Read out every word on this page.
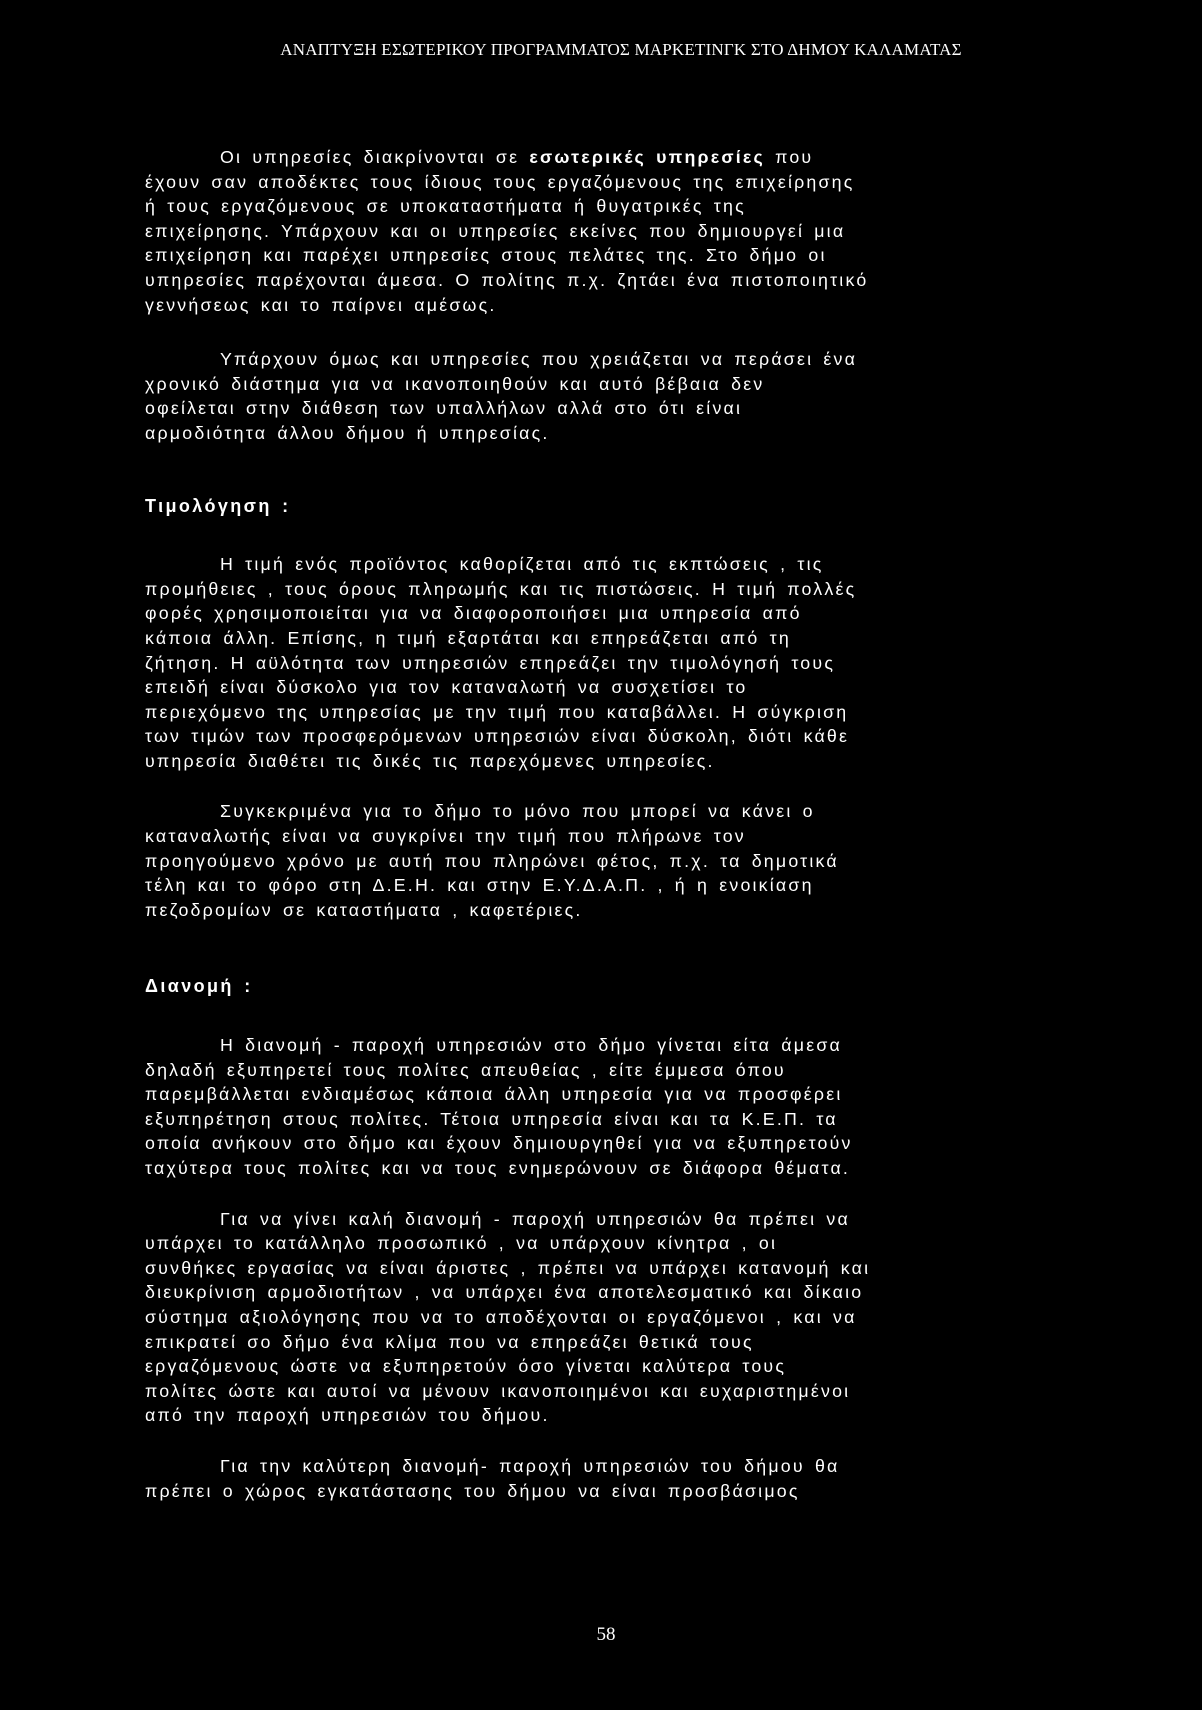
ΑΝΑΠΤΥΞΗ ΕΣΩΤΕΡΙΚΟΥ ΠΡΟΓΡΑΜΜΑΤΟΣ ΜΑΡΚΕΤΙΝΓΚ ΣΤΟ ΔΗΜΟΥ ΚΑΛΑΜΑΤΑΣ

Οι υπηρεσίες διακρίνονται σε εσωτερικές υπηρεσίες που
έχουν σαν αποδέκτες τους ίδιους τους εργαζόμενους της επιχείρησης
ή τους εργαζόμενους σε υποκαταστήματα ή θυγατρικές της
επιχείρησης. Υπάρχουν και οι υπηρεσίες εκείνες που δημιουργεί μια
επιχείρηση και παρέχει υπηρεσίες στους πελάτες της. Στο δήμο οι
υπηρεσίες παρέχονται άμεσα. Ο πολίτης π.χ. ζητάει ένα πιστοποιητικό
γεννήσεως και το παίρνει αμέσως.

Υπάρχουν όμως και υπηρεσίες που χρειάζεται να περάσει ένα
χρονικό διάστημα για να ικανοποιηθούν και αυτό βέβαια δεν
οφείλεται στην διάθεση των υπαλλήλων αλλά στο ότι είναι
αρμοδιότητα άλλου δήμου ή υπηρεσίας.

Τιμολόγηση :

Η τιμή ενός προϊόντος καθορίζεται από τις εκπτώσεις , τις
προμήθειες , τους όρους πληρωμής και τις πιστώσεις. Η τιμή πολλές
φορές χρησιμοποιείται για να διαφοροποιήσει μια υπηρεσία από
κάποια άλλη. Επίσης, η τιμή εξαρτάται και επηρεάζεται από τη
ζήτηση. Η αϋλότητα των υπηρεσιών επηρεάζει την τιμολόγησή τους
επειδή είναι δύσκολο για τον καταναλωτή να συσχετίσει το
περιεχόμενο της υπηρεσίας με την τιμή που καταβάλλει. Η σύγκριση
των τιμών των προσφερόμενων υπηρεσιών είναι δύσκολη, διότι κάθε
υπηρεσία διαθέτει τις δικές τις παρεχόμενες υπηρεσίες.

Συγκεκριμένα για το δήμο το μόνο που μπορεί να κάνει ο
καταναλωτής είναι να συγκρίνει την τιμή που πλήρωνε τον
προηγούμενο χρόνο με αυτή που πληρώνει φέτος, π.χ. τα δημοτικά
τέλη και το φόρο στη Δ.Ε.Η. και στην Ε.Υ.Δ.Α.Π. , ή η ενοικίαση
πεζοδρομίων σε καταστήματα , καφετέριες.

Διανομή :

Η διανομή - παροχή υπηρεσιών στο δήμο γίνεται είτα άμεσα
δηλαδή εξυπηρετεί τους πολίτες απευθείας , είτε έμμεσα όπου
παρεμβάλλεται ενδιαμέσως κάποια άλλη υπηρεσία για να προσφέρει
εξυπηρέτηση στους πολίτες. Τέτοια υπηρεσία είναι και τα Κ.Ε.Π. τα
οποία ανήκουν στο δήμο και έχουν δημιουργηθεί για να εξυπηρετούν
ταχύτερα τους πολίτες και να τους ενημερώνουν σε διάφορα θέματα.

Για να γίνει καλή διανομή - παροχή υπηρεσιών θα πρέπει να
υπάρχει το κατάλληλο προσωπικό , να υπάρχουν κίνητρα , οι
συνθήκες εργασίας να είναι άριστες , πρέπει να υπάρχει κατανομή και
διευκρίνιση αρμοδιοτήτων , να υπάρχει ένα αποτελεσματικό και δίκαιο
σύστημα αξιολόγησης που να το αποδέχονται οι εργαζόμενοι , και να
επικρατεί σο δήμο ένα κλίμα που να επηρεάζει θετικά τους
εργαζόμενους ώστε να εξυπηρετούν όσο γίνεται καλύτερα τους
πολίτες ώστε και αυτοί να μένουν ικανοποιημένοι και ευχαριστημένοι
από την παροχή υπηρεσιών του δήμου.

Για την καλύτερη διανομή- παροχή υπηρεσιών του δήμου θα
πρέπει ο χώρος εγκατάστασης του δήμου να είναι προσβάσιμος

58
